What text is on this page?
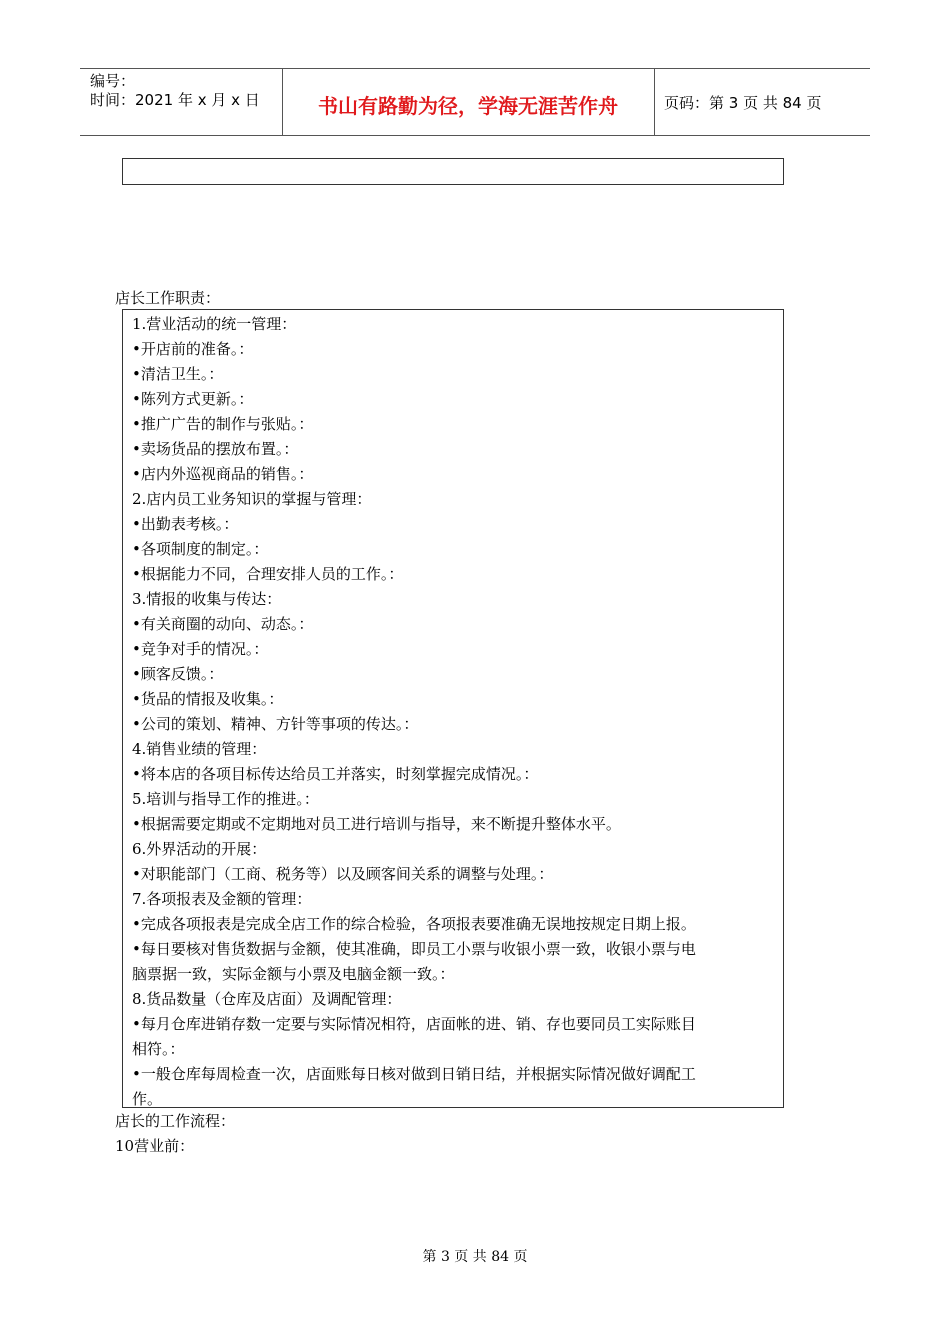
编号：
时间：2021 年 x 月 x 日	书山有路勤为径，学海无涯苦作舟	页码：第 3 页 共 84 页
店长工作职责：
1.营业活动的统一管理：
•开店前的准备。：
•清洁卫生。：
•陈列方式更新。：
•推广广告的制作与张贴。：
•卖场货品的摆放布置。：
•店内外巡视商品的销售。：
2.店内员工业务知识的掌握与管理：
•出勤表考核。：
•各项制度的制定。：
•根据能力不同，合理安排人员的工作。：
3.情报的收集与传达：
•有关商圈的动向、动态。：
•竞争对手的情况。：
•顾客反馈。：
•货品的情报及收集。：
•公司的策划、精神、方针等事项的传达。：
4.销售业绩的管理：
•将本店的各项目标传达给员工并落实，时刻掌握完成情况。：
5.培训与指导工作的推进。：
•根据需要定期或不定期地对员工进行培训与指导，来不断提升整体水平。
6.外界活动的开展：
•对职能部门（工商、税务等）以及顾客间关系的调整与处理。：
7.各项报表及金额的管理：
•完成各项报表是完成全店工作的综合检验，各项报表要准确无误地按规定日期上报。
•每日要核对售货数据与金额，使其准确，即员工小票与收银小票一致，收银小票与电
脑票据一致，实际金额与小票及电脑金额一致。：
8.货品数量（仓库及店面）及调配管理：
•每月仓库进销存数一定要与实际情况相符，店面帐的进、销、存也要同员工实际账目
相符。：
•一般仓库每周检查一次，店面账每日核对做到日销日结，并根据实际情况做好调配工
作。
店长的工作流程：
10营业前：
第 3 页 共 84 页
